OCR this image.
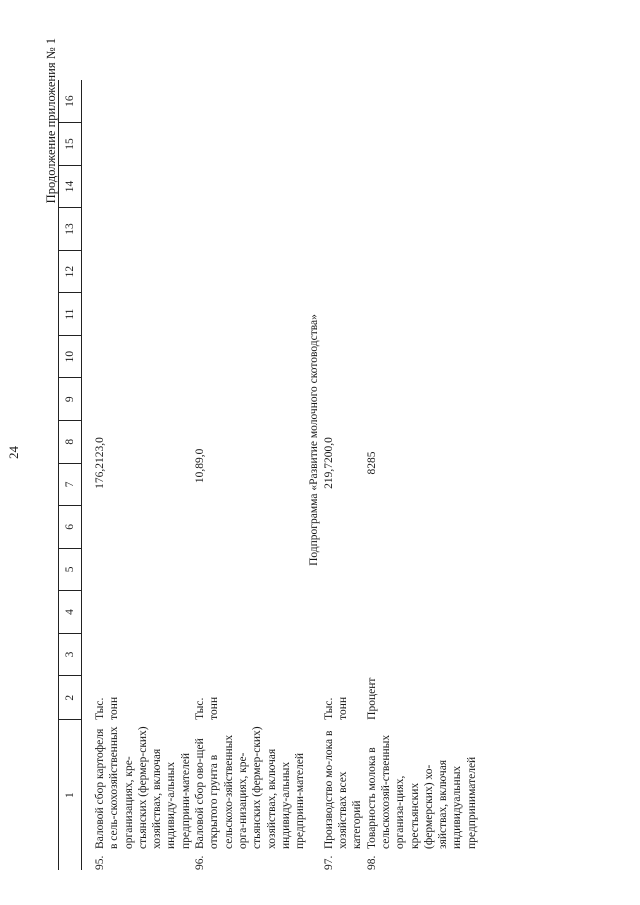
24
Продолжение приложения № 1
1	2	3	4	5	6	7	8	9	10	11	12	13	14	15	16

95.
Валовой сбор картофеля в сель-скохозяйственных организациях, кре-стьянских (фермер-ских) хозяйствах, включая индивиду-альных предприни-мателей	Тыс. тонн					176,2	123,0								

96.
Валовой сбор ово-щей открытого грунта в сельскохо-зяйственных орга-низациях, кре-стьянских (фермер-ских) хозяйствах, включая индивиду-альных предприни-мателей	Тыс. тонн					10,8	9,0								
Подпрограмма «Развитие молочного скотоводства»															

97.
Производство мо-лока в хозяйствах всех категорий	Тыс. тонн					219,7	200,0								

98.
Товарность молока в сельскохозяй-ственных организа-циях, крестьянских (фермерских) хо-зяйствах, включая индивидуальных предпринимателей	Процент					82	85								
